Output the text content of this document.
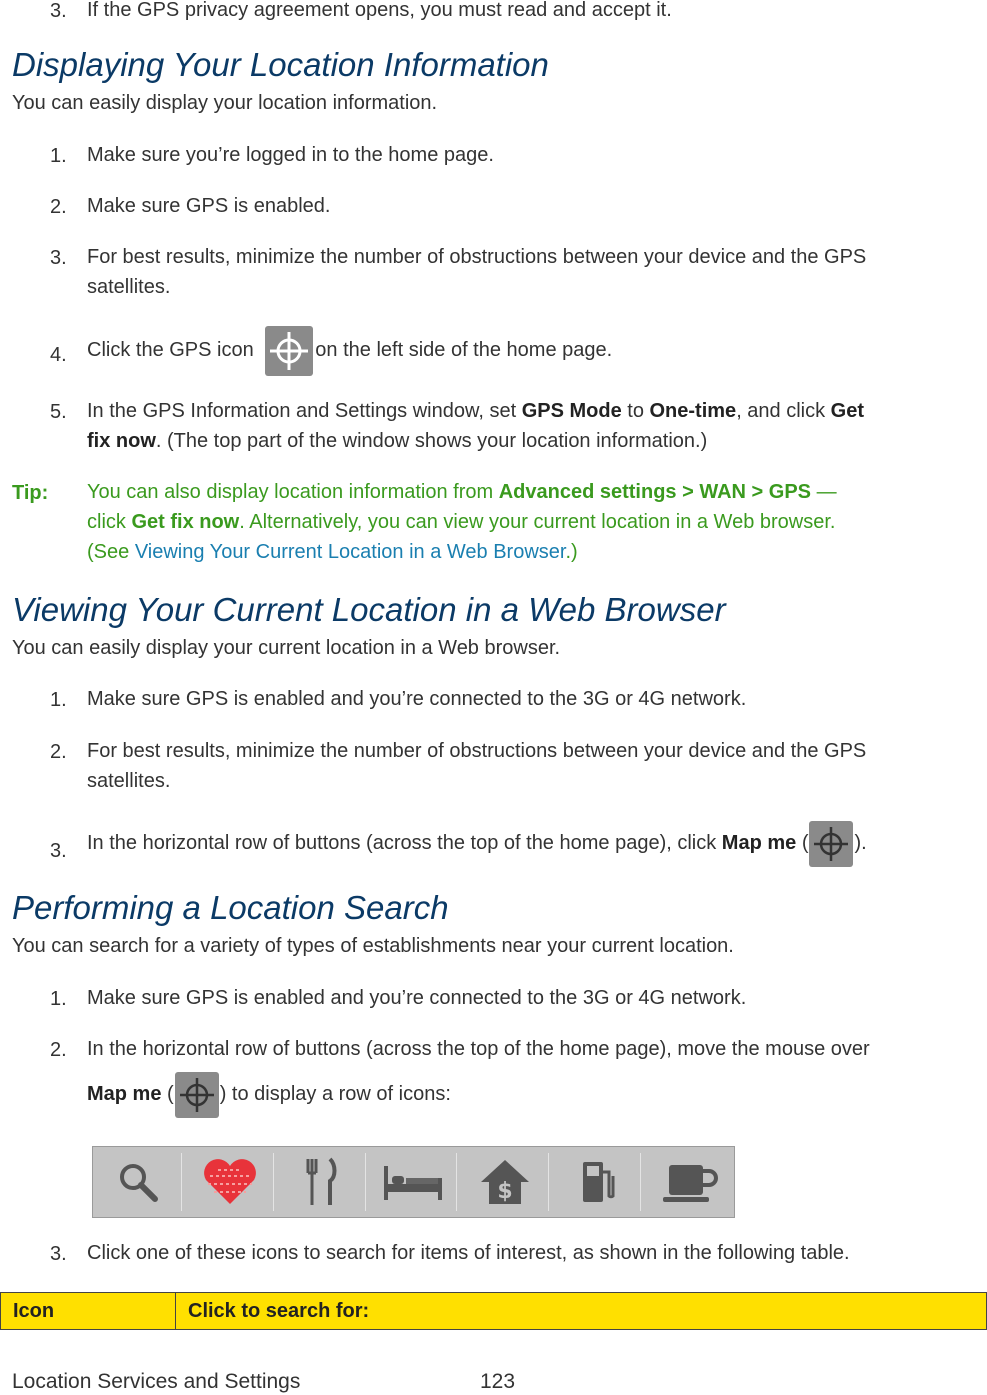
3.	If the GPS privacy agreement opens, you must read and accept it.
Displaying Your Location Information
You can easily display your location information.
1.	Make sure you’re logged in to the home page.
2.	Make sure GPS is enabled.
3.	For best results, minimize the number of obstructions between your device and the GPS
satellites.
4.	Click the GPS icon	on the left side of the home page.
5.	In the GPS Information and Settings window, set GPS Mode to One-time, and click Get
fix now. (The top part of the window shows your location information.)
Tip: You can also display location information from Advanced settings > WAN > GPS —
click Get fix now. Alternatively, you can view your current location in a Web browser.
(See Viewing Your Current Location in a Web Browser.)
Viewing Your Current Location in a Web Browser
You can easily display your current location in a Web browser.
1.	Make sure GPS is enabled and you’re connected to the 3G or 4G network.
2.	For best results, minimize the number of obstructions between your device and the GPS
satellites.
3.	In the horizontal row of buttons (across the top of the home page), click Map me ( ).
Performing a Location Search
You can search for a variety of types of establishments near your current location.
1.	Make sure GPS is enabled and you’re connected to the 3G or 4G network.
2.	In the horizontal row of buttons (across the top of the home page), move the mouse over
Map me ( ) to display a row of icons:
$
3.	Click one of these icons to search for items of interest, as shown in the following table.
Icon	Click to search for:
Location Services and Settings	123
